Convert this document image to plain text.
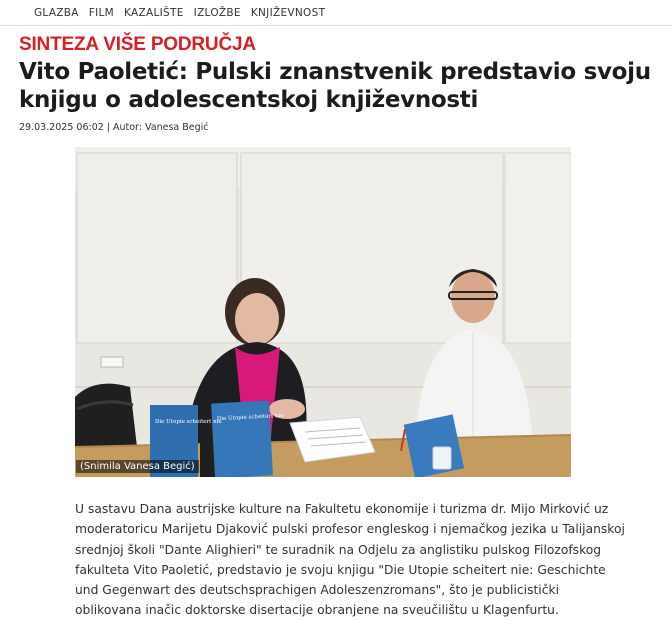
GLAZBA FILM KAZALIŠTE IZLOŽBE KNJIŽEVNOST
SINTEZA VIŠE PODRUČJA
Vito Paoletić: Pulski znanstvenik predstavio svoju knjigu o adolescentskoj književnosti
29.03.2025 06:02 | Autor: Vanesa Begić
Die Utopie scheitert nie
Die Utopie scheitert nie
(Snimila Vanesa Begić)
U sastavu Dana austrijske kulture na Fakultetu ekonomije i turizma dr. Mijo Mirković uz
moderatoricu Marijetu Djaković pulski profesor engleskog i njemačkog jezika u Talijanskoj
srednjoj školi "Dante Alighieri" te suradnik na Odjelu za anglistiku pulskog Filozofskog
fakulteta Vito Paoletić, predstavio je svoju knjigu "Die Utopie scheitert nie: Geschichte
und Gegenwart des deutschsprachigen Adoleszenzromans", što je publicistički
oblikovana inačic doktorske disertacije obranjene na sveučilištu u Klagenfurtu.
